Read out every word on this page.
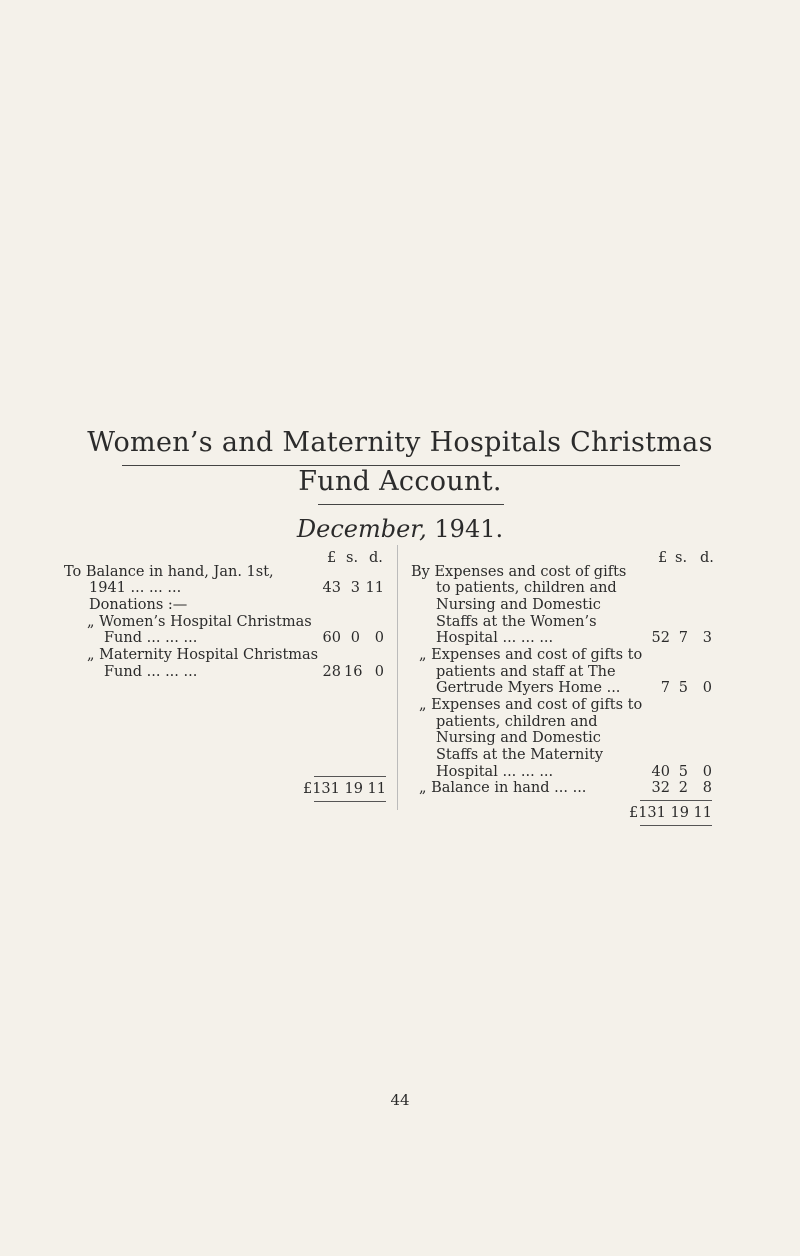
Women’s and Maternity Hospitals Christmas
Fund Account.
December, 1941.
£ s. d.
To Balance in hand, Jan. 1st,
1941 ... ... ...	43 3 11
Donations :—
„ Women’s Hospital Christmas
Fund ... ... ...	60 0	0
„ Maternity Hospital Christmas
Fund ... ... ...	28 16 0
£131 19 11
£ s. d.
By Expenses and cost of gifts
to patients, children and
Nursing and Domestic
Staffs at the Women’s
Hospital ... ... ...	52 7	3
„ Expenses and cost of gifts to
patients and staff at The
Gertrude Myers Home ...	7 5	0
„ Expenses and cost of gifts to
patients, children and
Nursing and Domestic
Staffs at the Maternity
Hospital ... ... ...	40 5	0
„ Balance in hand ... ...	32 2	8
£131 19 11
44
